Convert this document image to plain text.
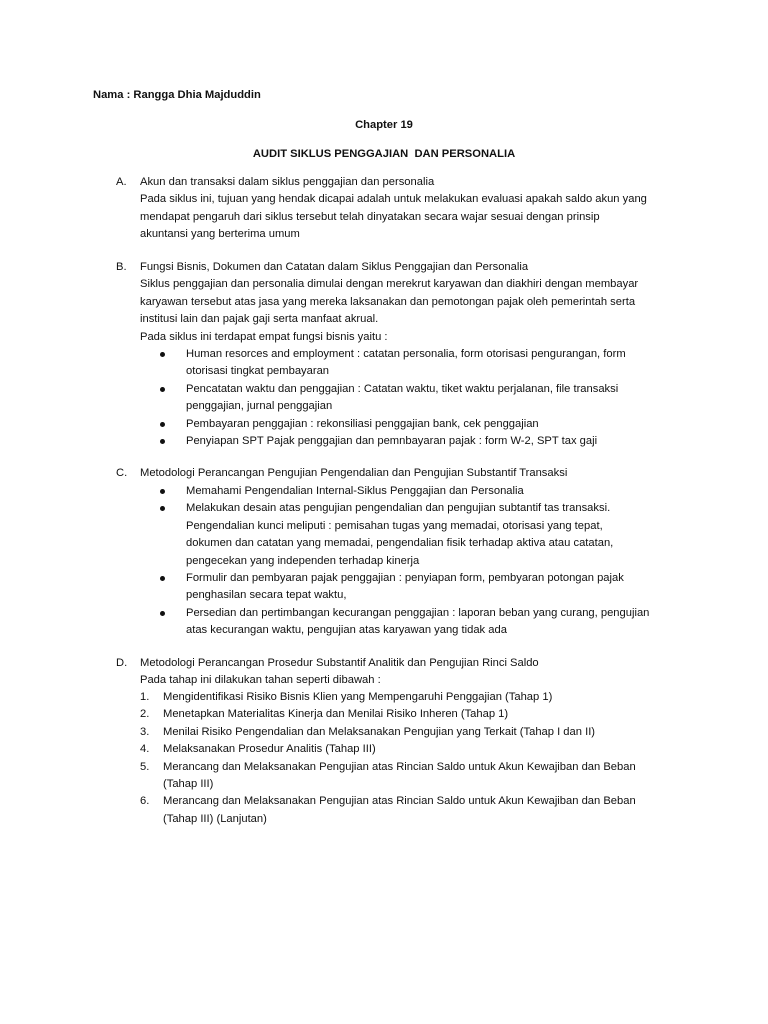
Nama : Rangga Dhia Majduddin
Chapter 19
AUDIT SIKLUS PENGGAJIAN  DAN PERSONALIA
A. Akun dan transaksi dalam siklus penggajian dan personalia
Pada siklus ini, tujuan yang hendak dicapai adalah untuk melakukan evaluasi apakah saldo akun yang
mendapat pengaruh dari siklus tersebut telah dinyatakan secara wajar sesuai dengan prinsip
akuntansi yang berterima umum
B. Fungsi Bisnis, Dokumen dan Catatan dalam Siklus Penggajian dan Personalia
Siklus penggajian dan personalia dimulai dengan merekrut karyawan dan diakhiri dengan membayar
karyawan tersebut atas jasa yang mereka laksanakan dan pemotongan pajak oleh pemerintah serta
institusi lain dan pajak gaji serta manfaat akrual.
Pada siklus ini terdapat empat fungsi bisnis yaitu :
Human resorces and employment : catatan personalia, form otorisasi pengurangan, form
otorisasi tingkat pembayaran
Pencatatan waktu dan penggajian : Catatan waktu, tiket waktu perjalanan, file transaksi
penggajian, jurnal penggajian
Pembayaran penggajian : rekonsiliasi penggajian bank, cek penggajian
Penyiapan SPT Pajak penggajian dan pemnbayaran pajak : form W-2, SPT tax gaji
C. Metodologi Perancangan Pengujian Pengendalian dan Pengujian Substantif Transaksi
Memahami Pengendalian Internal-Siklus Penggajian dan Personalia
Melakukan desain atas pengujian pengendalian dan pengujian subtantif tas transaksi.
Pengendalian kunci meliputi : pemisahan tugas yang memadai, otorisasi yang tepat,
dokumen dan catatan yang memadai, pengendalian fisik terhadap aktiva atau catatan,
pengecekan yang independen terhadap kinerja
Formulir dan pembyaran pajak penggajian : penyiapan form, pembyaran potongan pajak
penghasilan secara tepat waktu,
Persedian dan pertimbangan kecurangan penggajian : laporan beban yang curang, pengujian
atas kecurangan waktu, pengujian atas karyawan yang tidak ada
D. Metodologi Perancangan Prosedur Substantif Analitik dan Pengujian Rinci Saldo
Pada tahap ini dilakukan tahan seperti dibawah :
1. Mengidentifikasi Risiko Bisnis Klien yang Mempengaruhi Penggajian (Tahap 1)
2. Menetapkan Materialitas Kinerja dan Menilai Risiko Inheren (Tahap 1)
3. Menilai Risiko Pengendalian dan Melaksanakan Pengujian yang Terkait (Tahap I dan II)
4. Melaksanakan Prosedur Analitis (Tahap III)
5. Merancang dan Melaksanakan Pengujian atas Rincian Saldo untuk Akun Kewajiban dan Beban
(Tahap III)
6. Merancang dan Melaksanakan Pengujian atas Rincian Saldo untuk Akun Kewajiban dan Beban
(Tahap III) (Lanjutan)
